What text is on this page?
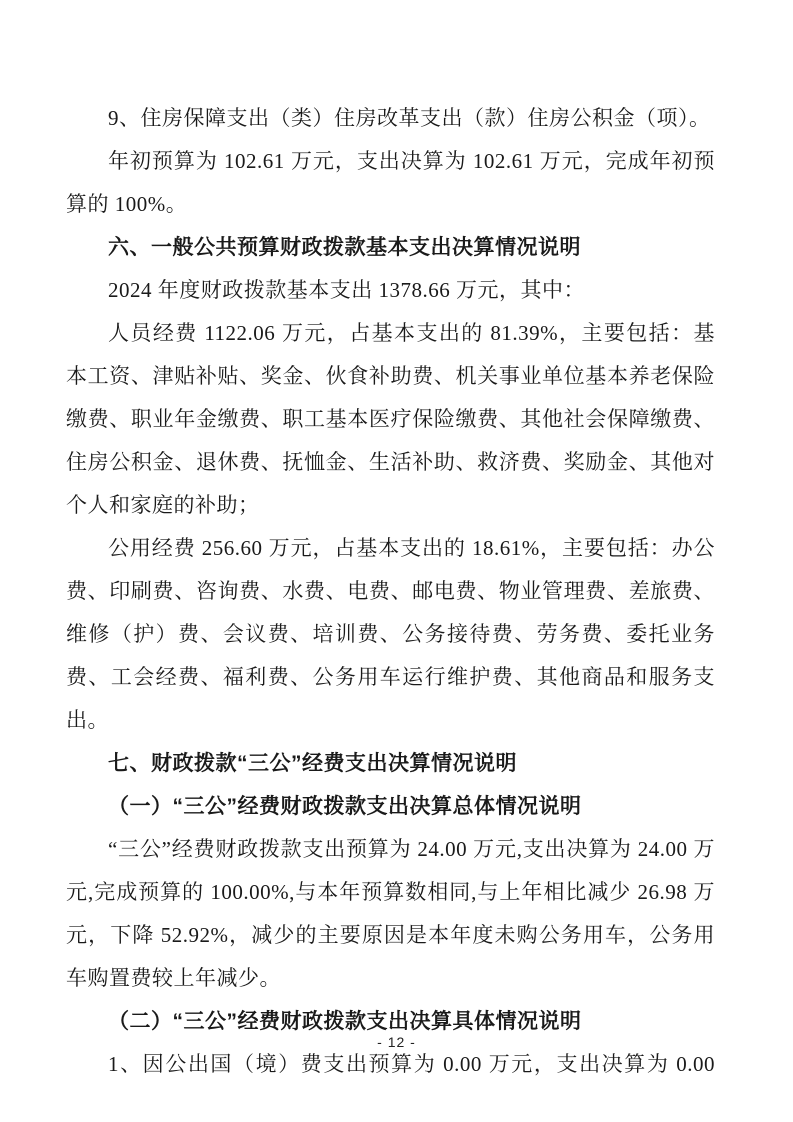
9、住房保障支出（类）住房改革支出（款）住房公积金（项）。

年初预算为 102.61 万元，支出决算为 102.61 万元，完成年初预算的 100%。

六、一般公共预算财政拨款基本支出决算情况说明

2024 年度财政拨款基本支出 1378.66 万元，其中：

人员经费 1122.06 万元，占基本支出的 81.39%，主要包括：基本工资、津贴补贴、奖金、伙食补助费、机关事业单位基本养老保险缴费、职业年金缴费、职工基本医疗保险缴费、其他社会保障缴费、住房公积金、退休费、抚恤金、生活补助、救济费、奖励金、其他对个人和家庭的补助；

公用经费 256.60 万元，占基本支出的 18.61%，主要包括：办公费、印刷费、咨询费、水费、电费、邮电费、物业管理费、差旅费、维修（护）费、会议费、培训费、公务接待费、劳务费、委托业务费、工会经费、福利费、公务用车运行维护费、其他商品和服务支出。

七、财政拨款“三公”经费支出决算情况说明
（一）“三公”经费财政拨款支出决算总体情况说明

“三公”经费财政拨款支出预算为 24.00 万元,支出决算为 24.00 万元,完成预算的 100.00%,与本年预算数相同,与上年相比减少 26.98 万元，下降 52.92%，减少的主要原因是本年度未购公务用车，公务用车购置费较上年减少。

（二）“三公”经费财政拨款支出决算具体情况说明

1、因公出国（境）费支出预算为 0.00 万元，支出决算为 0.00

- 12 -
